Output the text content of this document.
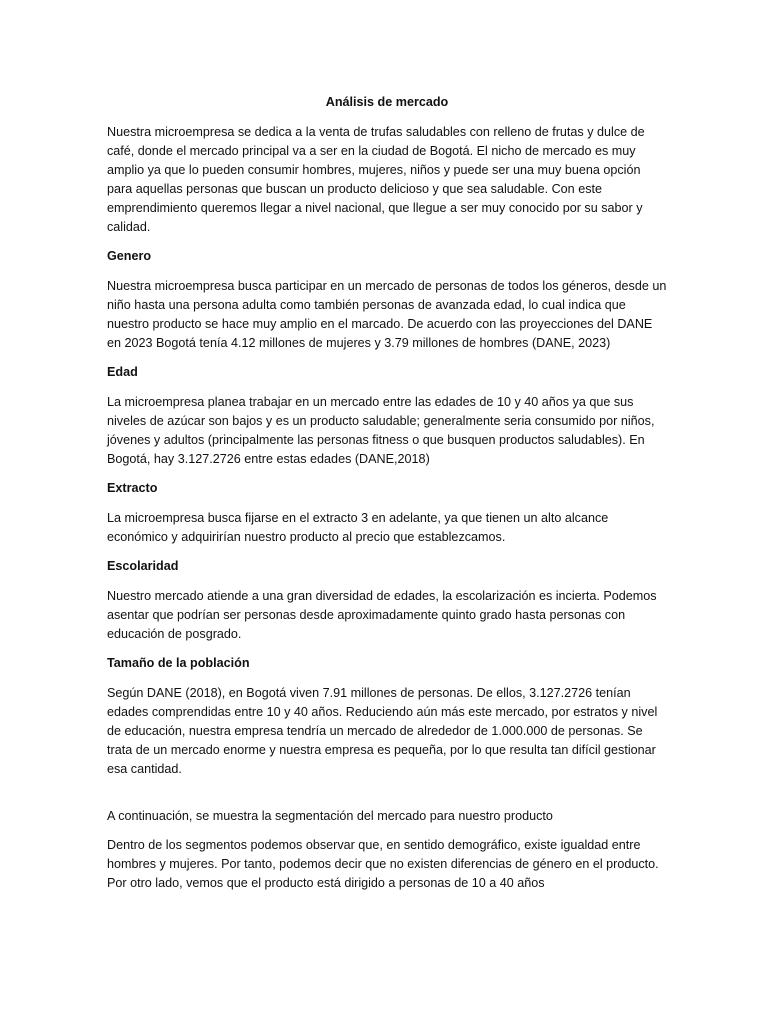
Análisis de mercado

Nuestra microempresa se dedica a la venta de trufas saludables con relleno de frutas y dulce de café, donde el mercado principal va a ser en la ciudad de Bogotá. El nicho de mercado es muy amplio ya que lo pueden consumir hombres, mujeres, niños y puede ser una muy buena opción para aquellas personas que buscan un producto delicioso y que sea saludable. Con este emprendimiento queremos llegar a nivel nacional, que llegue a ser muy conocido por su sabor y calidad.

Genero

Nuestra microempresa busca participar en un mercado de personas de todos los géneros, desde un niño hasta una persona adulta como también personas de avanzada edad, lo cual indica que nuestro producto se hace muy amplio en el marcado. De acuerdo con las proyecciones del DANE en 2023 Bogotá tenía 4.12 millones de mujeres y 3.79 millones de hombres (DANE, 2023)

Edad

La microempresa planea trabajar en un mercado entre las edades de 10 y 40 años ya que sus niveles de azúcar son bajos y es un producto saludable; generalmente seria consumido por niños, jóvenes y adultos (principalmente las personas fitness o que busquen productos saludables). En Bogotá, hay 3.127.2726 entre estas edades (DANE,2018)

Extracto

La microempresa busca fijarse en el extracto 3 en adelante, ya que tienen un alto alcance económico y adquirirían nuestro producto al precio que establezcamos.

Escolaridad

Nuestro mercado atiende a una gran diversidad de edades, la escolarización es incierta. Podemos asentar que podrían ser personas desde aproximadamente quinto grado hasta personas con educación de posgrado.

Tamaño de la población

Según DANE (2018), en Bogotá viven 7.91 millones de personas. De ellos, 3.127.2726 tenían edades comprendidas entre 10 y 40 años. Reduciendo aún más este mercado, por estratos y nivel de educación, nuestra empresa tendría un mercado de alrededor de 1.000.000 de personas. Se trata de un mercado enorme y nuestra empresa es pequeña, por lo que resulta tan difícil gestionar esa cantidad.

A continuación, se muestra la segmentación del mercado para nuestro producto

Dentro de los segmentos podemos observar que, en sentido demográfico, existe igualdad entre hombres y mujeres. Por tanto, podemos decir que no existen diferencias de género en el producto. Por otro lado, vemos que el producto está dirigido a personas de 10 a 40 años
